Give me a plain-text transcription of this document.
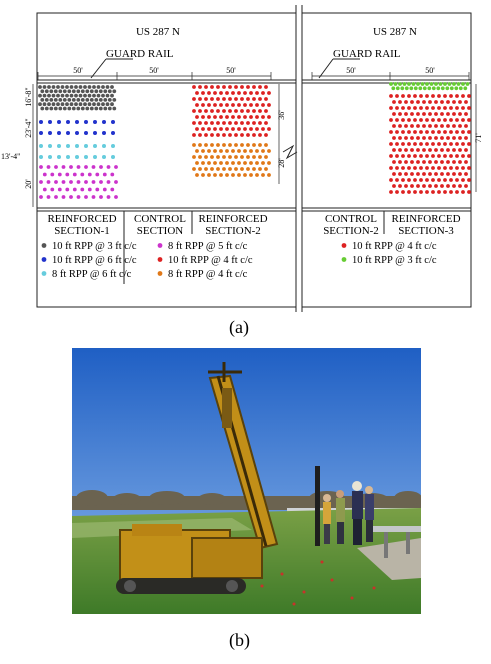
US 287 N	US 287 N
GUARD RAIL	GUARD RAIL
50'	50'	50'	50'	50'
16'-8"
23'-4"
13'-4"
20'
36'
28'
71'
REINFORCED
SECTION-1
CONTROL
SECTION
REINFORCED
SECTION-2
CONTROL
SECTION-2
REINFORCED
SECTION-3
10 ft RPP @ 3 ft c/c
10 ft RPP @ 6 ft c/c
8 ft RPP @ 6 ft c/c
8 ft RPP @ 5 ft c/c
10 ft RPP @ 4 ft c/c
8 ft RPP @ 4 ft c/c
10 ft RPP @ 4 ft c/c
10 ft RPP @ 3 ft c/c
(a)
(b)
